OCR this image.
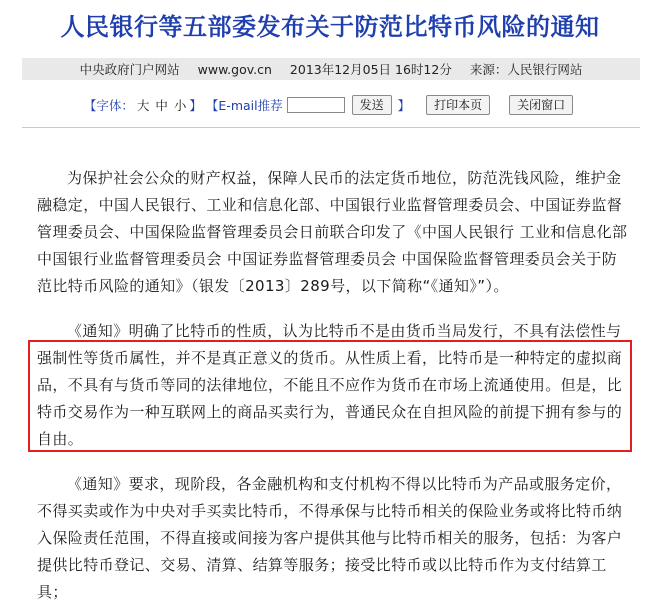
人民银行等五部委发布关于防范比特币风险的通知
中央政府门户网站 www.gov.cn 2013年12月05日 16时12分 来源：人民银行网站
【字体： 大 中 小 】 【E-mail推荐	发送	】	打印本页	关闭窗口

为保护社会公众的财产权益，保障人民币的法定货币地位，防范洗钱风险，维护金融稳定，中国人民银行、工业和信息化部、中国银行业监督管理委员会、中国证券监督管理委员会、中国保险监督管理委员会日前联合印发了《中国人民银行 工业和信息化部 中国银行业监督管理委员会 中国证券监督管理委员会 中国保险监督管理委员会关于防范比特币风险的通知》（银发〔2013〕289号，以下简称“《通知》”）。

《通知》明确了比特币的性质，认为比特币不是由货币当局发行，不具有法偿性与强制性等货币属性，并不是真正意义的货币。从性质上看，比特币是一种特定的虚拟商品，不具有与货币等同的法律地位，不能且不应作为货币在市场上流通使用。但是，比特币交易作为一种互联网上的商品买卖行为，普通民众在自担风险的前提下拥有参与的自由。

《通知》要求，现阶段，各金融机构和支付机构不得以比特币为产品或服务定价，不得买卖或作为中央对手买卖比特币，不得承保与比特币相关的保险业务或将比特币纳入保险责任范围，不得直接或间接为客户提供其他与比特币相关的服务，包括：为客户提供比特币登记、交易、清算、结算等服务；接受比特币或以比特币作为支付结算工具；
